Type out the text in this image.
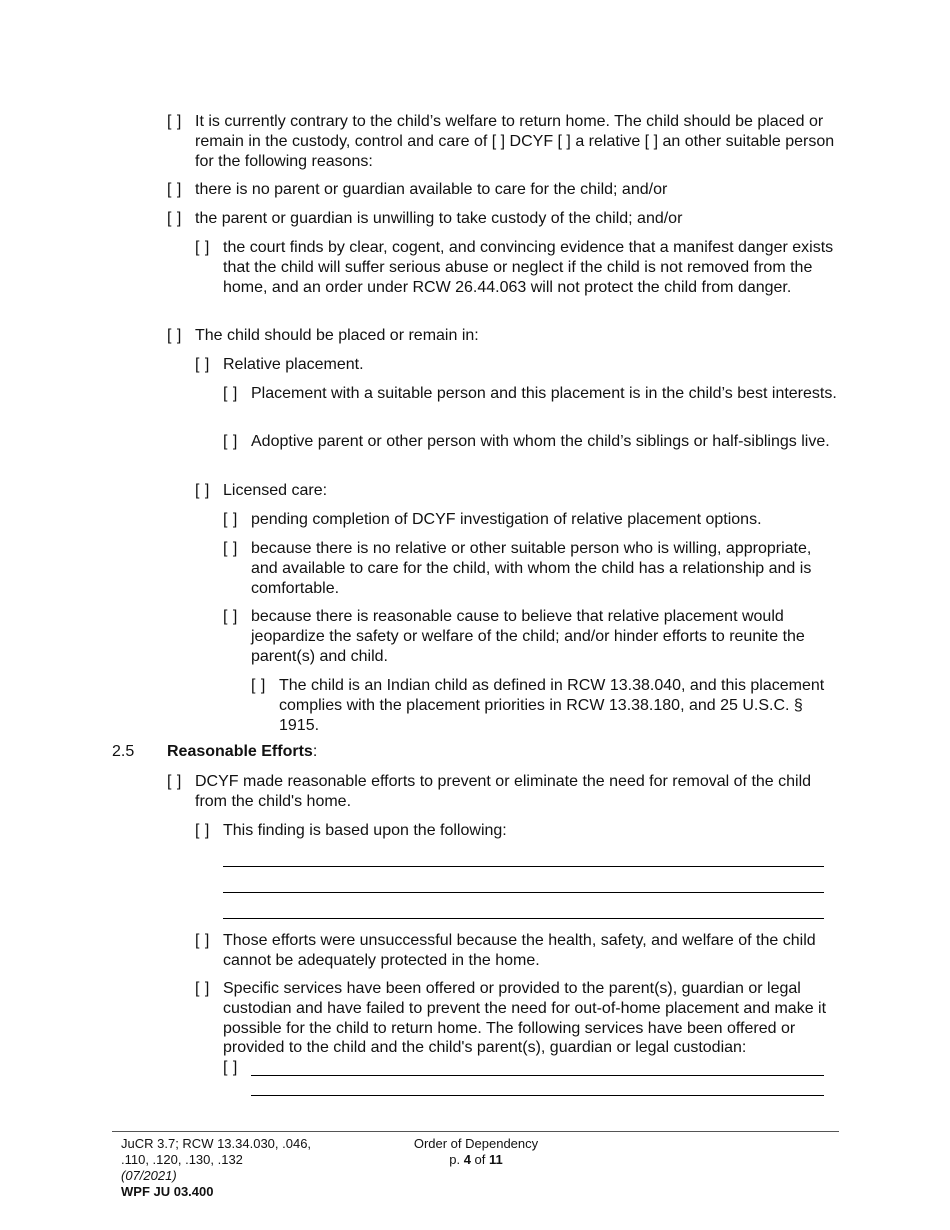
[ ] It is currently contrary to the child’s welfare to return home. The child should be placed or remain in the custody, control and care of [ ] DCYF [ ] a relative [ ] an other suitable person for the following reasons:
[ ] there is no parent or guardian available to care for the child; and/or
[ ] the parent or guardian is unwilling to take custody of the child; and/or
[ ] the court finds by clear, cogent, and convincing evidence that a manifest danger exists that the child will suffer serious abuse or neglect if the child is not removed from the home, and an order under RCW 26.44.063 will not protect the child from danger.
[ ] The child should be placed or remain in:
[ ] Relative placement.
[ ] Placement with a suitable person and this placement is in the child’s best interests.
[ ] Adoptive parent or other person with whom the child’s siblings or half-siblings live.
[ ] Licensed care:
[ ] pending completion of DCYF investigation of relative placement options.
[ ] because there is no relative or other suitable person who is willing, appropriate, and available to care for the child, with whom the child has a relationship and is comfortable.
[ ] because there is reasonable cause to believe that relative placement would jeopardize the safety or welfare of the child; and/or hinder efforts to reunite the parent(s) and child.
[ ] The child is an Indian child as defined in RCW 13.38.040, and this placement complies with the placement priorities in RCW 13.38.180, and 25 U.S.C. § 1915.
2.5 Reasonable Efforts:
[ ] DCYF made reasonable efforts to prevent or eliminate the need for removal of the child from the child's home.
[ ] This finding is based upon the following:
[ ] Those efforts were unsuccessful because the health, safety, and welfare of the child cannot be adequately protected in the home.
[ ] Specific services have been offered or provided to the parent(s), guardian or legal custodian and have failed to prevent the need for out-of-home placement and make it possible for the child to return home. The following services have been offered or provided to the child and the child's parent(s), guardian or legal custodian:
[ ]
JuCR 3.7; RCW 13.34.030, .046,
.110, .120, .130, .132
(07/2021)
WPF JU 03.400
Order of Dependency
p. 4 of 11
